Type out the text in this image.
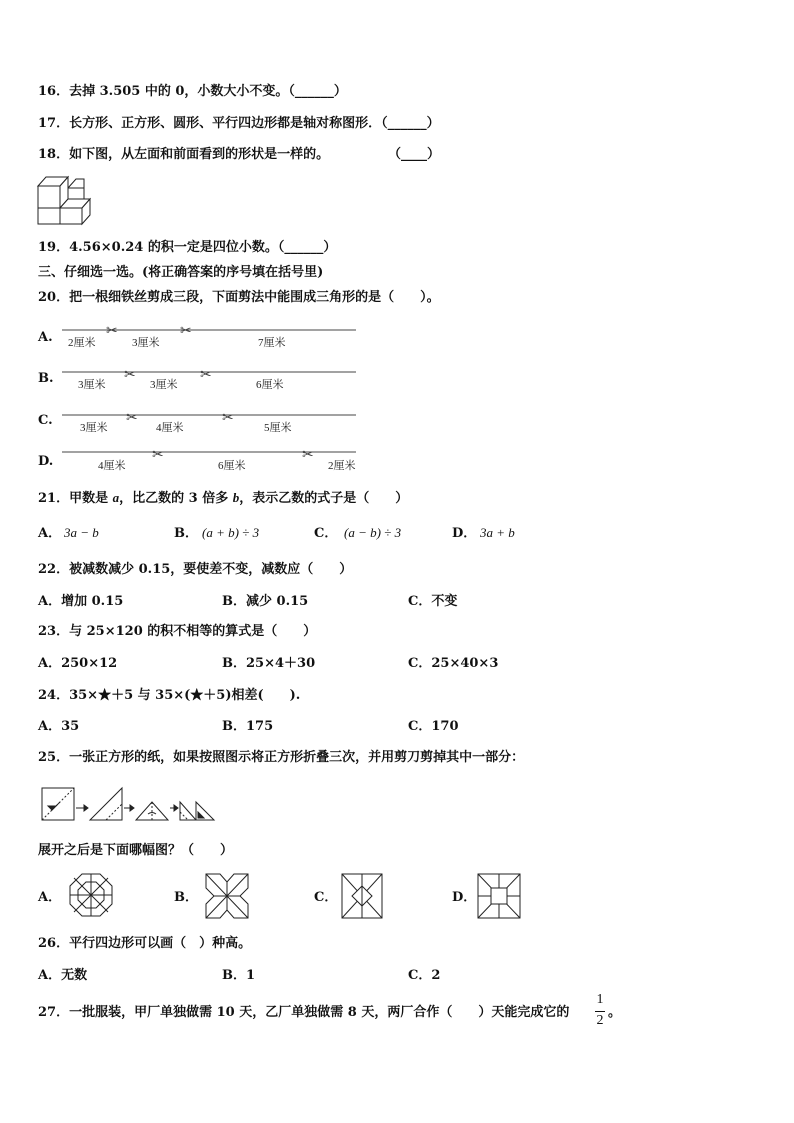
16．去掉 3.505 中的 0，小数大小不变。（______）
17．长方形、正方形、圆形、平行四边形都是轴对称图形．（______）
18．如下图，从左面和前面看到的形状是一样的。	（____）
19．4.56×0.24 的积一定是四位小数。（______）
三、仔细选一选。(将正确答案的序号填在括号里)
20．把一根细铁丝剪成三段，下面剪法中能围成三角形的是（　　）。
A.	✂	✂
2厘米	3厘米	7厘米
B.	✂	✂
3厘米	3厘米	6厘米
C.	✂	✂
3厘米	4厘米	5厘米
D.	✂	✂
4厘米	6厘米	2厘米
21．甲数是 a，比乙数的 3 倍多 b，表示乙数的式子是（　　）
A． 3a − b	B． (a + b) ÷ 3	C． (a − b) ÷ 3	D． 3a + b
22．被减数减少 0.15，要使差不变，减数应（　　）
A．增加 0.15	B．减少 0.15	C．不变
23．与 25×120 的积不相等的算式是（　　）
A．250×12	B．25×4＋30	C．25×40×3
24．35×★＋5 与 35×(★＋5)相差(　　).
A．35	B．175	C．170
25．一张正方形的纸，如果按照图示将正方形折叠三次，并用剪刀剪掉其中一部分：
展开之后是下面哪幅图？（　　）
A．	B．	C．	D．
26．平行四边形可以画（　）种高。
A．无数	B．1	C．2
27．一批服装，甲厂单独做需 10 天，乙厂单独做需 8 天，两厂合作（　　）天能完成它的
1
2
。
